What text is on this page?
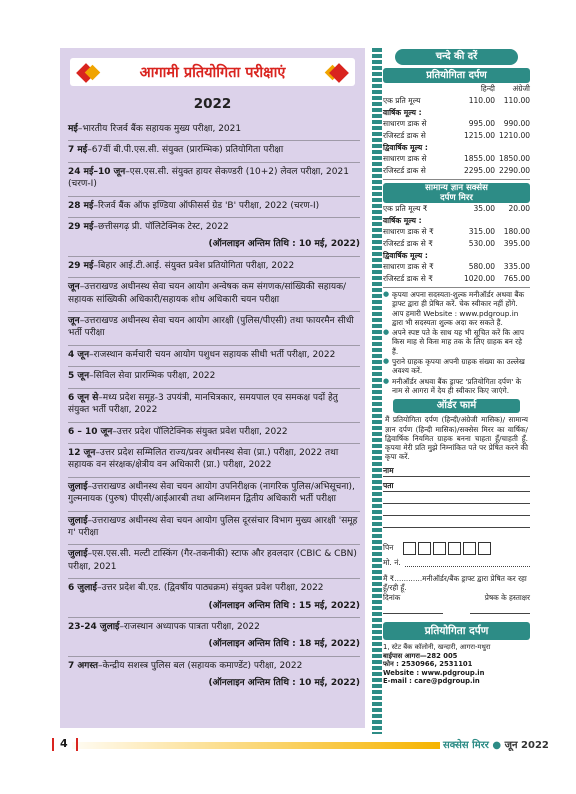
आगामी प्रतियोगिता परीक्षाएं
2022
मई–भारतीय रिजर्व बैंक सहायक मुख्य परीक्षा, 2021
7 मई–67वीं बी.पी.एस.सी. संयुक्त (प्रारम्भिक) प्रतियोगिता परीक्षा
24 मई–10 जून–एस.एस.सी. संयुक्त हायर सेकण्डरी (10+2) लेवल परीक्षा, 2021 (चरण-I)
28 मई–रिजर्व बैंक ऑफ इण्डिया ऑफीसर्स ग्रेड 'B' परीक्षा, 2022 (चरण-I)
29 मई–छत्तीसगढ़ प्री. पॉलिटेक्निक टेस्ट, 2022
(ऑनलाइन अन्तिम तिथि : 10 मई, 2022)
29 मई–बिहार आई.टी.आई. संयुक्त प्रवेश प्रतियोगिता परीक्षा, 2022
जून–उत्तराखण्ड अधीनस्थ सेवा चयन आयोग अन्वेषक कम संगणक/सांख्यिकी सहायक/ सहायक सांख्यिकी अधिकारी/सहायक शोध अधिकारी चयन परीक्षा
जून–उत्तराखण्ड अधीनस्थ सेवा चयन आयोग आरक्षी (पुलिस/पीएसी) तथा फायरमैन सीधी भर्ती परीक्षा
4 जून–राजस्थान कर्मचारी चयन आयोग पशुधन सहायक सीधी भर्ती परीक्षा, 2022
5 जून–सिविल सेवा प्रारम्भिक परीक्षा, 2022
6 जून से–मध्य प्रदेश समूह-3 उपयंत्री, मानचित्रकार, समयपाल एव समकक्ष पदों हेतु संयुक्त भर्ती परीक्षा, 2022
6 – 10 जून–उत्तर प्रदेश पॉलिटेक्निक संयुक्त प्रवेश परीक्षा, 2022
12 जून–उत्तर प्रदेश सम्मिलित राज्य/प्रवर अधीनस्थ सेवा (प्रा.) परीक्षा, 2022 तथा सहायक वन संरक्षक/क्षेत्रीय वन अधिकारी (प्रा.) परीक्षा, 2022
जुलाई–उत्तराखण्ड अधीनस्थ सेवा चयन आयोग उपनिरीक्षक (नागरिक पुलिस/अभिसूचना), गुल्मनायक (पुरुष) पीएसी/आईआरबी तथा अग्निशमन द्वितीय अधिकारी भर्ती परीक्षा
जुलाई–उत्तराखण्ड अधीनस्थ सेवा चयन आयोग पुलिस दूरसंचार विभाग मुख्य आरक्षी 'समूह ग' परीक्षा
जुलाई–एस.एस.सी. मल्टी टास्किंग (गैर-तकनीकी) स्टाफ और हवलदार (CBIC & CBN) परीक्षा, 2021
6 जुलाई–उत्तर प्रदेश बी.एड. (द्विवर्षीय पाठ्यक्रम) संयुक्त प्रवेश परीक्षा, 2022
(ऑनलाइन अन्तिम तिथि : 15 मई, 2022)
23-24 जुलाई–राजस्थान अध्यापक पात्रता परीक्षा, 2022
(ऑनलाइन अन्तिम तिथि : 18 मई, 2022)
7 अगस्त–केन्द्रीय सशस्त्र पुलिस बल (सहायक कमाण्डेंट) परीक्षा, 2022
(ऑनलाइन अन्तिम तिथि : 10 मई, 2022)
चन्दे की दरें
प्रतियोगिता दर्पण
हिन्दी	अंग्रेजी
एक प्रति मूल्य	110.00	110.00
वार्षिक मूल्य :
साधारण डाक से	995.00	990.00
रजिस्टर्ड डाक से	1215.00 1210.00
द्विवार्षिक मूल्य :
साधारण डाक से	1855.00 1850.00
रजिस्टर्ड डाक से	2295.00 2290.00
सामान्य ज्ञान सक्सेस
दर्पण मिरर
एक प्रति मूल्य ₹	35.00	20.00
वार्षिक मूल्य :
साधारण डाक से ₹	315.00	180.00
रजिस्टर्ड डाक से ₹	530.00	395.00
द्विवार्षिक मूल्य :
साधारण डाक से ₹	580.00	335.00
रजिस्टर्ड डाक से ₹	1020.00	765.00
● कृपया अपना सदस्यता-शुल्क मनीऑर्डर अथवा बैंक ड्राफ्ट द्वारा ही प्रेषित करें. चेक स्वीकार नहीं होंगे. आप हमारी Website : www.pdgroup.in द्वारा भी सदस्यता शुल्क अदा कर सकते हैं.
● अपने स्पष्ट पते के साथ यह भी सूचित करें कि आप किस माह से किस माह तक के लिए ग्राहक बन रहे हैं.
● पुराने ग्राहक कृपया अपनी ग्राहक संख्या का उल्लेख अवश्य करें.
● मनीऑर्डर अथवा बैंक ड्राफ्ट 'प्रतियोगिता दर्पण' के नाम से आगरा में देय ही स्वीकार किए जाएंगे.
ऑर्डर फार्म
मैं प्रतियोगिता दर्पण (हिन्दी/अंग्रेजी मासिक)/ सामान्य ज्ञान दर्पण (हिन्दी मासिक)/सक्सेस मिरर का वार्षिक/ द्विवार्षिक नियमित ग्राहक बनना चाहता हूँ/चाहती हूँ. कृपया मेरी प्रति मुझे निम्नांकित पते पर प्रेषित करने की कृपा करें.
नाम
पता
पिन
मो. नं.
मैं ₹............मनीऑर्डर/बैंक ड्राफ्ट द्वारा प्रेषित कर रहा हूँ/रही हूँ.
दिनांक	प्रेषक के हस्ताक्षर
प्रतियोगिता दर्पण
1, स्टेट बैंक कॉलोनी, खन्दारी, आगरा-मथुरा
बाईपास आगरा—282 005
फोन : 2530966, 2531101
Website : www.pdgroup.in
E-mail : care@pdgroup.in
4	सक्सेस मिरर ● जून 2022
